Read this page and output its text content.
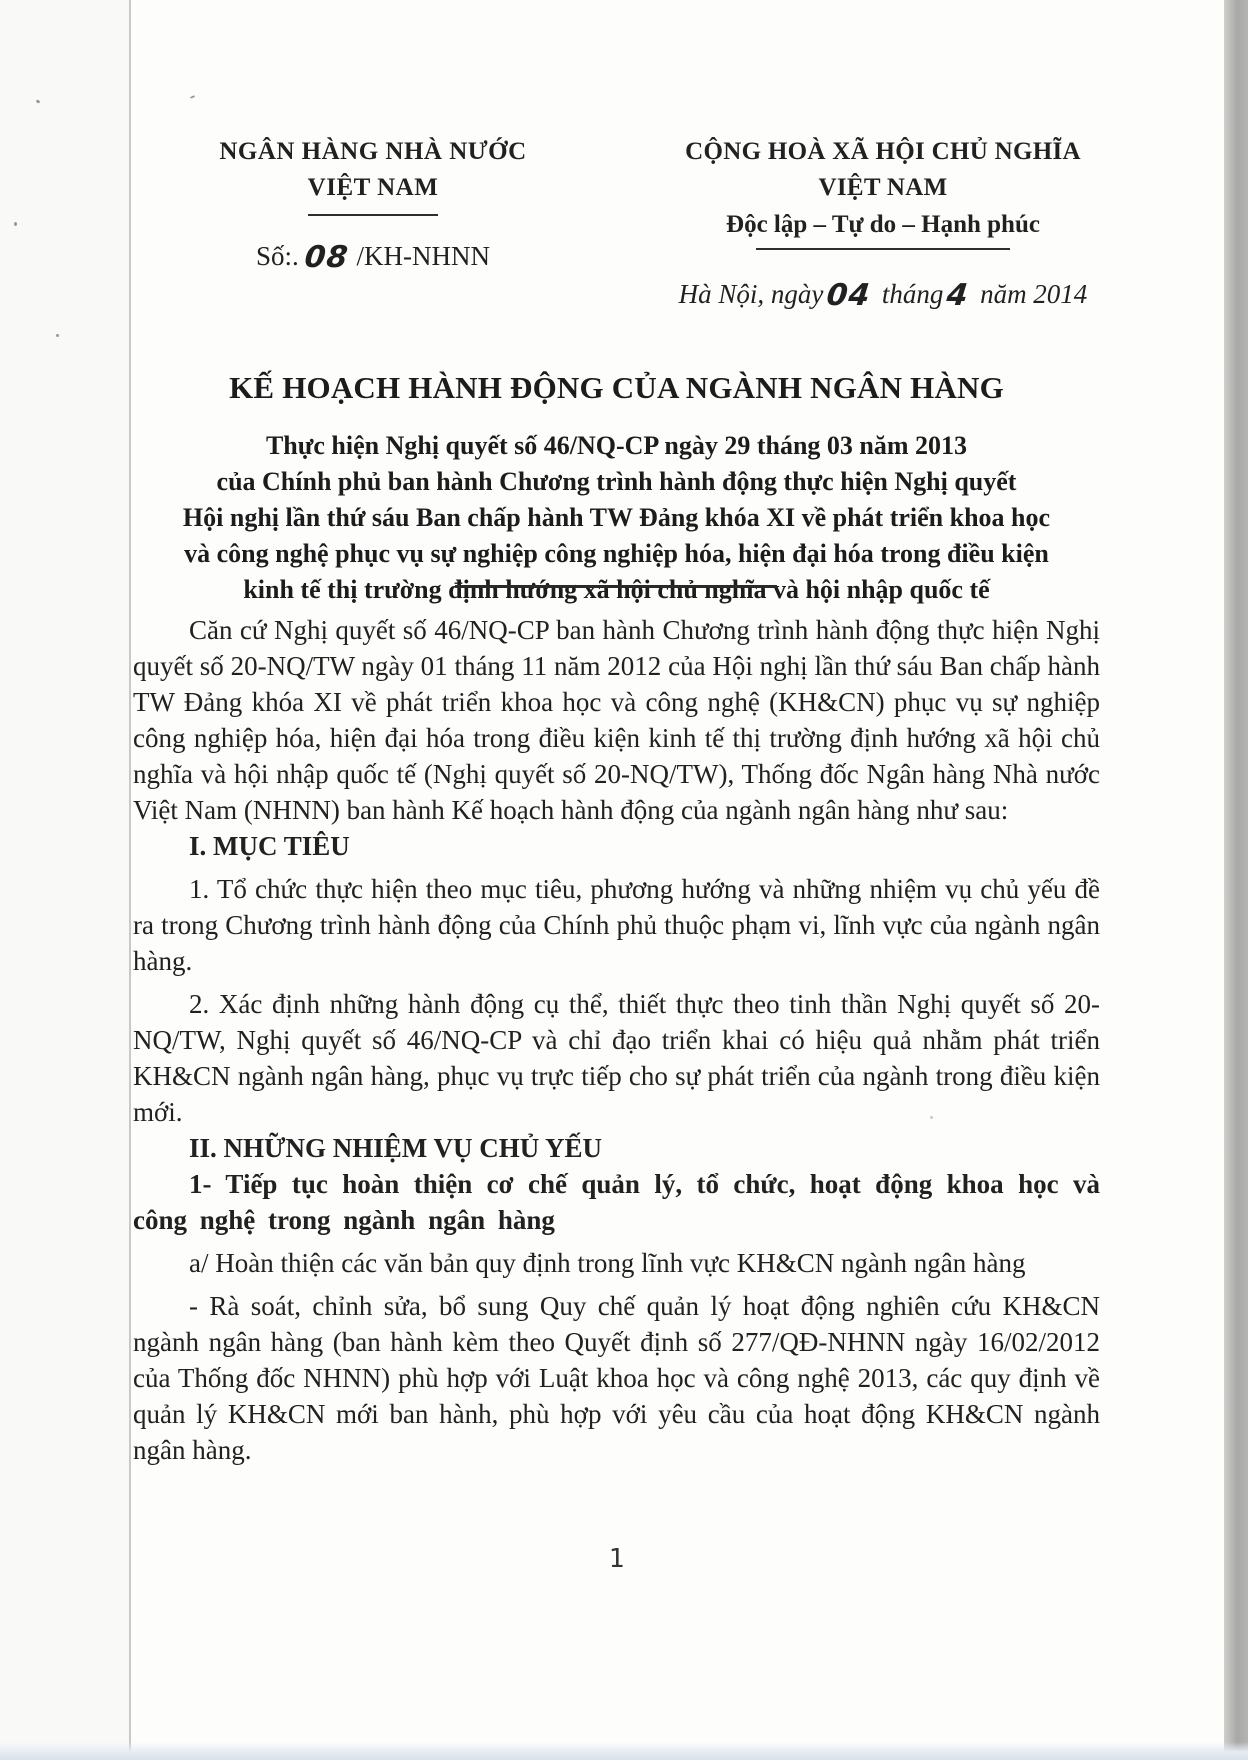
NGÂN HÀNG NHÀ NƯỚC
VIỆT NAM
Số:. 08 /KH-NHNN
CỘNG HOÀ XÃ HỘI CHỦ NGHĨA VIỆT NAM
Độc lập – Tự do – Hạnh phúc
Hà Nội, ngày04 tháng4 năm 2014
KẾ HOẠCH HÀNH ĐỘNG CỦA NGÀNH NGÂN HÀNG
Thực hiện Nghị quyết số 46/NQ-CP ngày 29 tháng 03 năm 2013
của Chính phủ ban hành Chương trình hành động thực hiện Nghị quyết
Hội nghị lần thứ sáu Ban chấp hành TW Đảng khóa XI về phát triển khoa học
và công nghệ phục vụ sự nghiệp công nghiệp hóa, hiện đại hóa trong điều kiện
kinh tế thị trường định hướng xã hội chủ nghĩa và hội nhập quốc tế

Căn cứ Nghị quyết số 46/NQ-CP ban hành Chương trình hành động thực hiện Nghị quyết số 20-NQ/TW ngày 01 tháng 11 năm 2012 của Hội nghị lần thứ sáu Ban chấp hành TW Đảng khóa XI về phát triển khoa học và công nghệ (KH&CN) phục vụ sự nghiệp công nghiệp hóa, hiện đại hóa trong điều kiện kinh tế thị trường định hướng xã hội chủ nghĩa và hội nhập quốc tế (Nghị quyết số 20-NQ/TW), Thống đốc Ngân hàng Nhà nước Việt Nam (NHNN) ban hành Kế hoạch hành động của ngành ngân hàng như sau:

I. MỤC TIÊU

1. Tổ chức thực hiện theo mục tiêu, phương hướng và những nhiệm vụ chủ yếu đề ra trong Chương trình hành động của Chính phủ thuộc phạm vi, lĩnh vực của ngành ngân hàng.

2. Xác định những hành động cụ thể, thiết thực theo tinh thần Nghị quyết số 20-NQ/TW, Nghị quyết số 46/NQ-CP và chỉ đạo triển khai có hiệu quả nhằm phát triển KH&CN ngành ngân hàng, phục vụ trực tiếp cho sự phát triển của ngành trong điều kiện mới.

II. NHỮNG NHIỆM VỤ CHỦ YẾU

1- Tiếp tục hoàn thiện cơ chế quản lý, tổ chức, hoạt động khoa học và công nghệ trong ngành ngân hàng

a/ Hoàn thiện các văn bản quy định trong lĩnh vực KH&CN ngành ngân hàng

- Rà soát, chỉnh sửa, bổ sung Quy chế quản lý hoạt động nghiên cứu KH&CN ngành ngân hàng (ban hành kèm theo Quyết định số 277/QĐ-NHNN ngày 16/02/2012 của Thống đốc NHNN) phù hợp với Luật khoa học và công nghệ 2013, các quy định về quản lý KH&CN mới ban hành, phù hợp với yêu cầu của hoạt động KH&CN ngành ngân hàng.

1
